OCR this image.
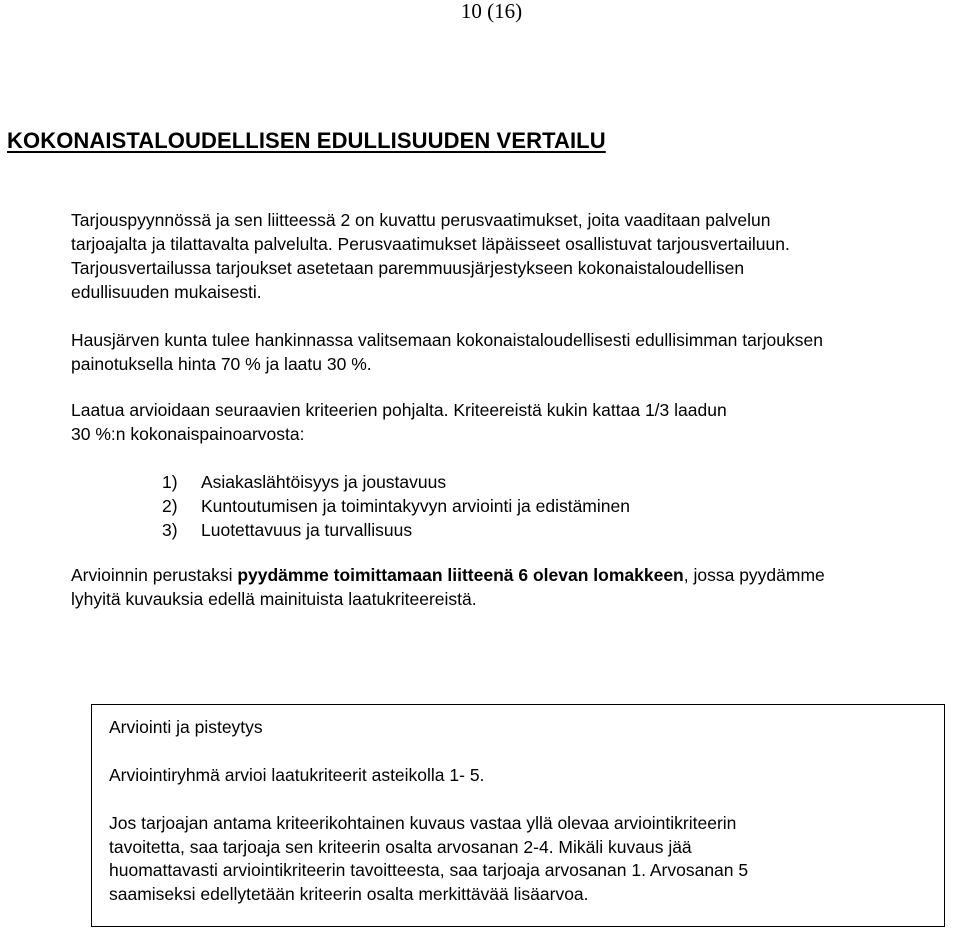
10 (16)
KOKONAISTALOUDELLISEN EDULLISUUDEN VERTAILU

Tarjouspyynnössä ja sen liitteessä 2 on kuvattu perusvaatimukset, joita vaaditaan palvelun
tarjoajalta ja tilattavalta palvelulta. Perusvaatimukset läpäisseet osallistuvat tarjousvertailuun.
Tarjousvertailussa tarjoukset asetetaan paremmuusjärjestykseen kokonaistaloudellisen
edullisuuden mukaisesti.

Hausjärven kunta tulee hankinnassa valitsemaan kokonaistaloudellisesti edullisimman tarjouksen
painotuksella hinta 70 % ja laatu 30 %.

Laatua arvioidaan seuraavien kriteerien pohjalta. Kriteereistä kukin kattaa 1/3 laadun
30 %:n kokonaispainoarvosta:

1) Asiakaslähtöisyys ja joustavuus
2) Kuntoutumisen ja toimintakyvyn arviointi ja edistäminen
3) Luotettavuus ja turvallisuus

Arvioinnin perustaksi pyydämme toimittamaan liitteenä 6 olevan lomakkeen, jossa pyydämme
lyhyitä kuvauksia edellä mainituista laatukriteereistä.

Arviointi ja pisteytys

Arviointiryhmä arvioi laatukriteerit asteikolla 1- 5.

Jos tarjoajan antama kriteerikohtainen kuvaus vastaa yllä olevaa arviointikriteerin
tavoitetta, saa tarjoaja sen kriteerin osalta arvosanan 2-4. Mikäli kuvaus jää
huomattavasti arviointikriteerin tavoitteesta, saa tarjoaja arvosanan 1. Arvosanan 5
saamiseksi edellytetään kriteerin osalta merkittävää lisäarvoa.
